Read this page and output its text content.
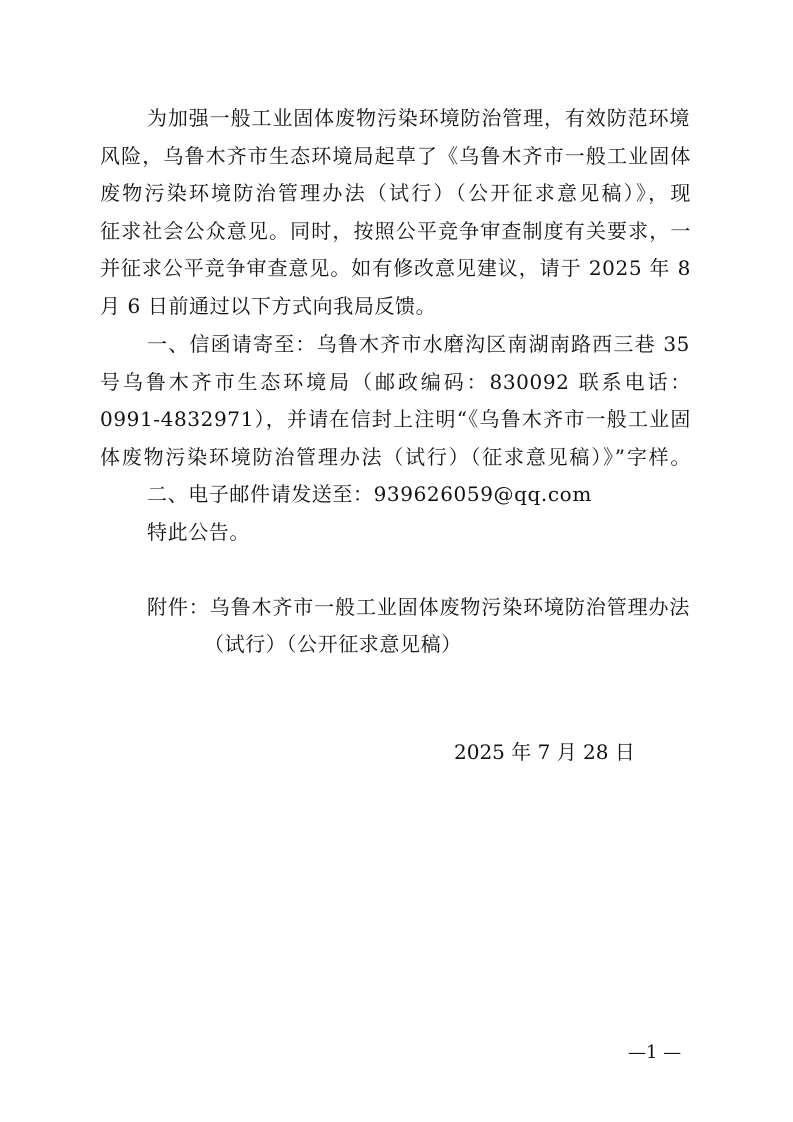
为加强一般工业固体废物污染环境防治管理，有效防范环境
风险，乌鲁木齐市生态环境局起草了《乌鲁木齐市一般工业固体
废物污染环境防治管理办法（试行）（公开征求意见稿）》，现
征求社会公众意见。同时，按照公平竞争审查制度有关要求，一
并征求公平竞争审查意见。如有修改意见建议，请于 2025 年 8
月 6 日前通过以下方式向我局反馈。
一、信函请寄至：乌鲁木齐市水磨沟区南湖南路西三巷 35
号乌鲁木齐市生态环境局（邮政编码：830092 联系电话：
0991-4832971），并请在信封上注明“《乌鲁木齐市一般工业固
体废物污染环境防治管理办法（试行）（征求意见稿）》”字样。
二、电子邮件请发送至：939626059@qq.com
特此公告。
附件：乌鲁木齐市一般工业固体废物污染环境防治管理办法
（试行）（公开征求意见稿）
2025 年 7 月 28 日
—1 —
